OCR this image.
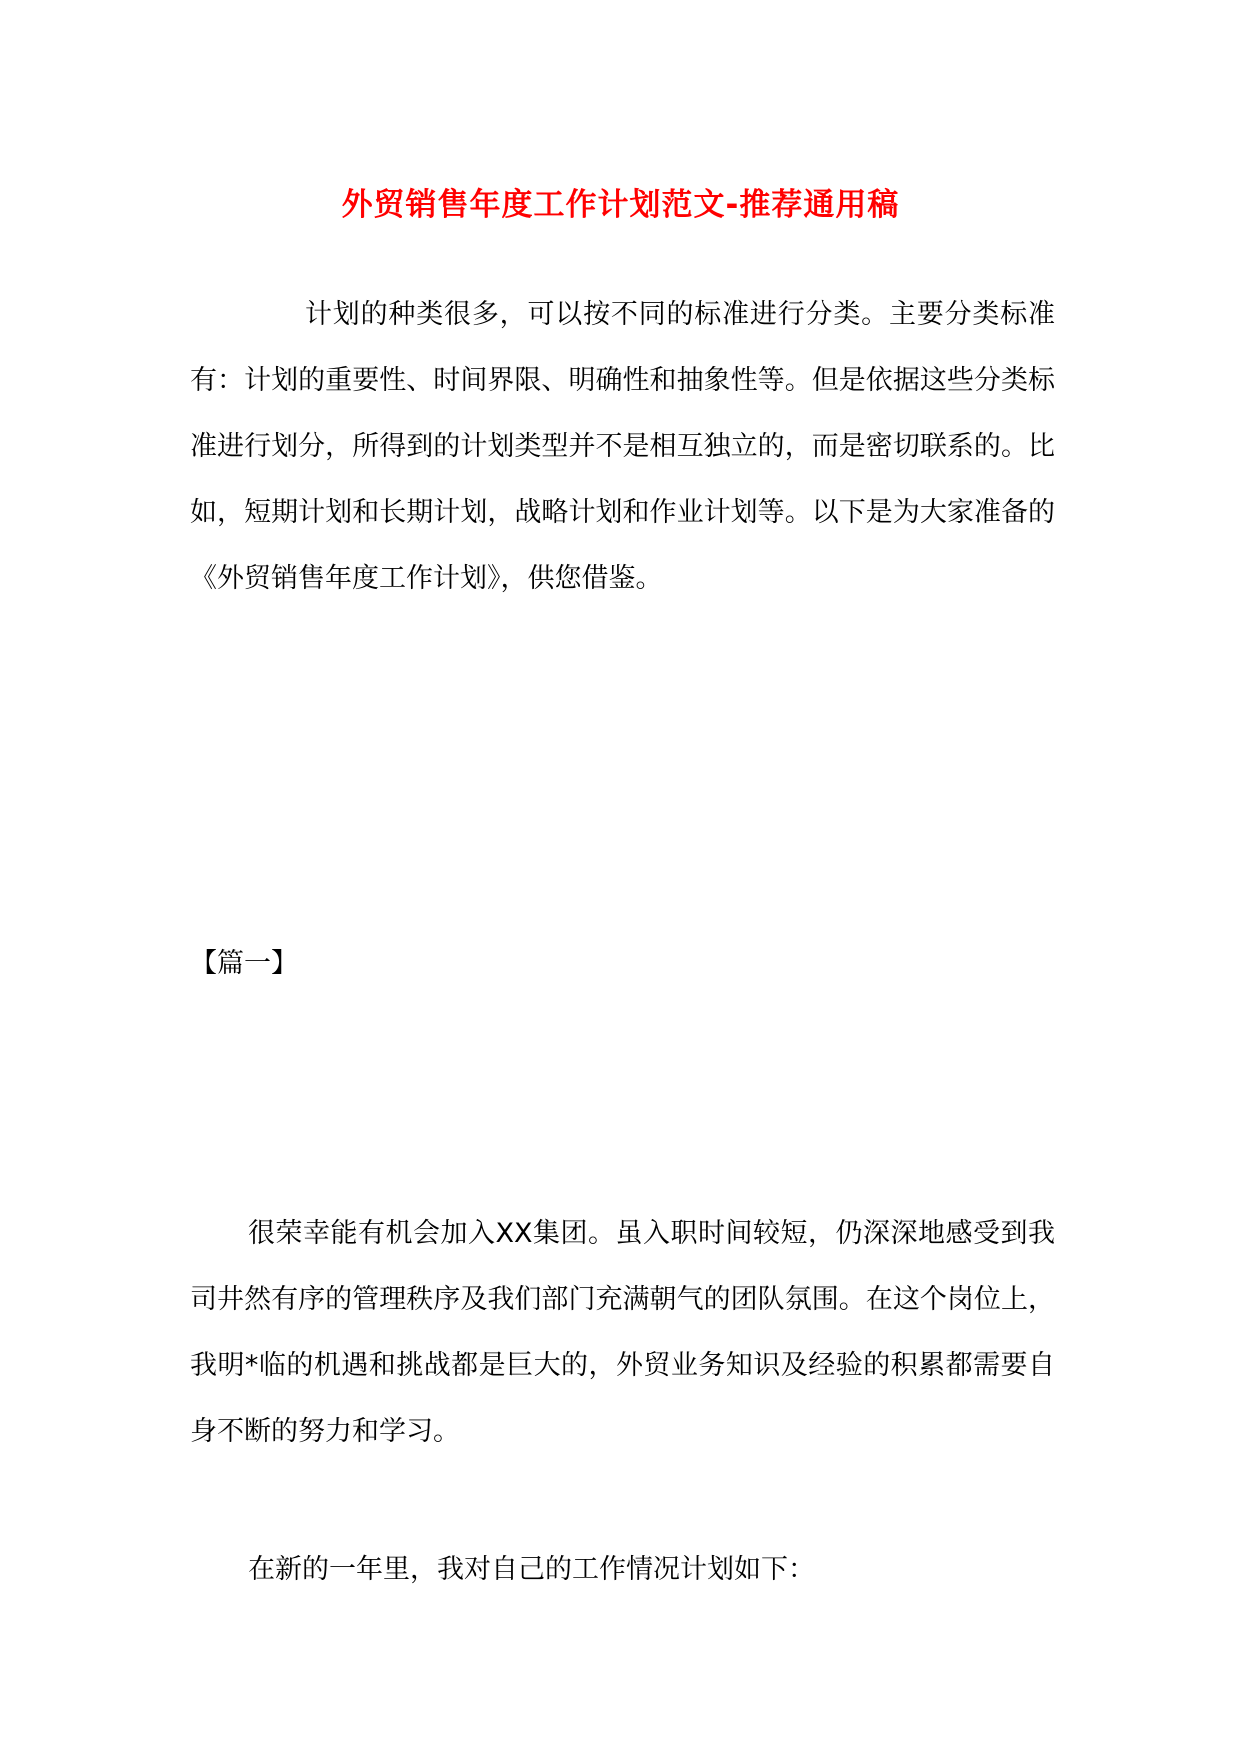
外贸销售年度工作计划范文-推荐通用稿

计划的种类很多，可以按不同的标准进行分类。主要分类标准有：计划的重要性、时间界限、明确性和抽象性等。但是依据这些分类标准进行划分，所得到的计划类型并不是相互独立的，而是密切联系的。比如，短期计划和长期计划，战略计划和作业计划等。以下是为大家准备的《外贸销售年度工作计划》，供您借鉴。

【篇一】

很荣幸能有机会加入XX集团。虽入职时间较短，仍深深地感受到我司井然有序的管理秩序及我们部门充满朝气的团队氛围。在这个岗位上，我明*临的机遇和挑战都是巨大的，外贸业务知识及经验的积累都需要自身不断的努力和学习。

在新的一年里，我对自己的工作情况计划如下：
